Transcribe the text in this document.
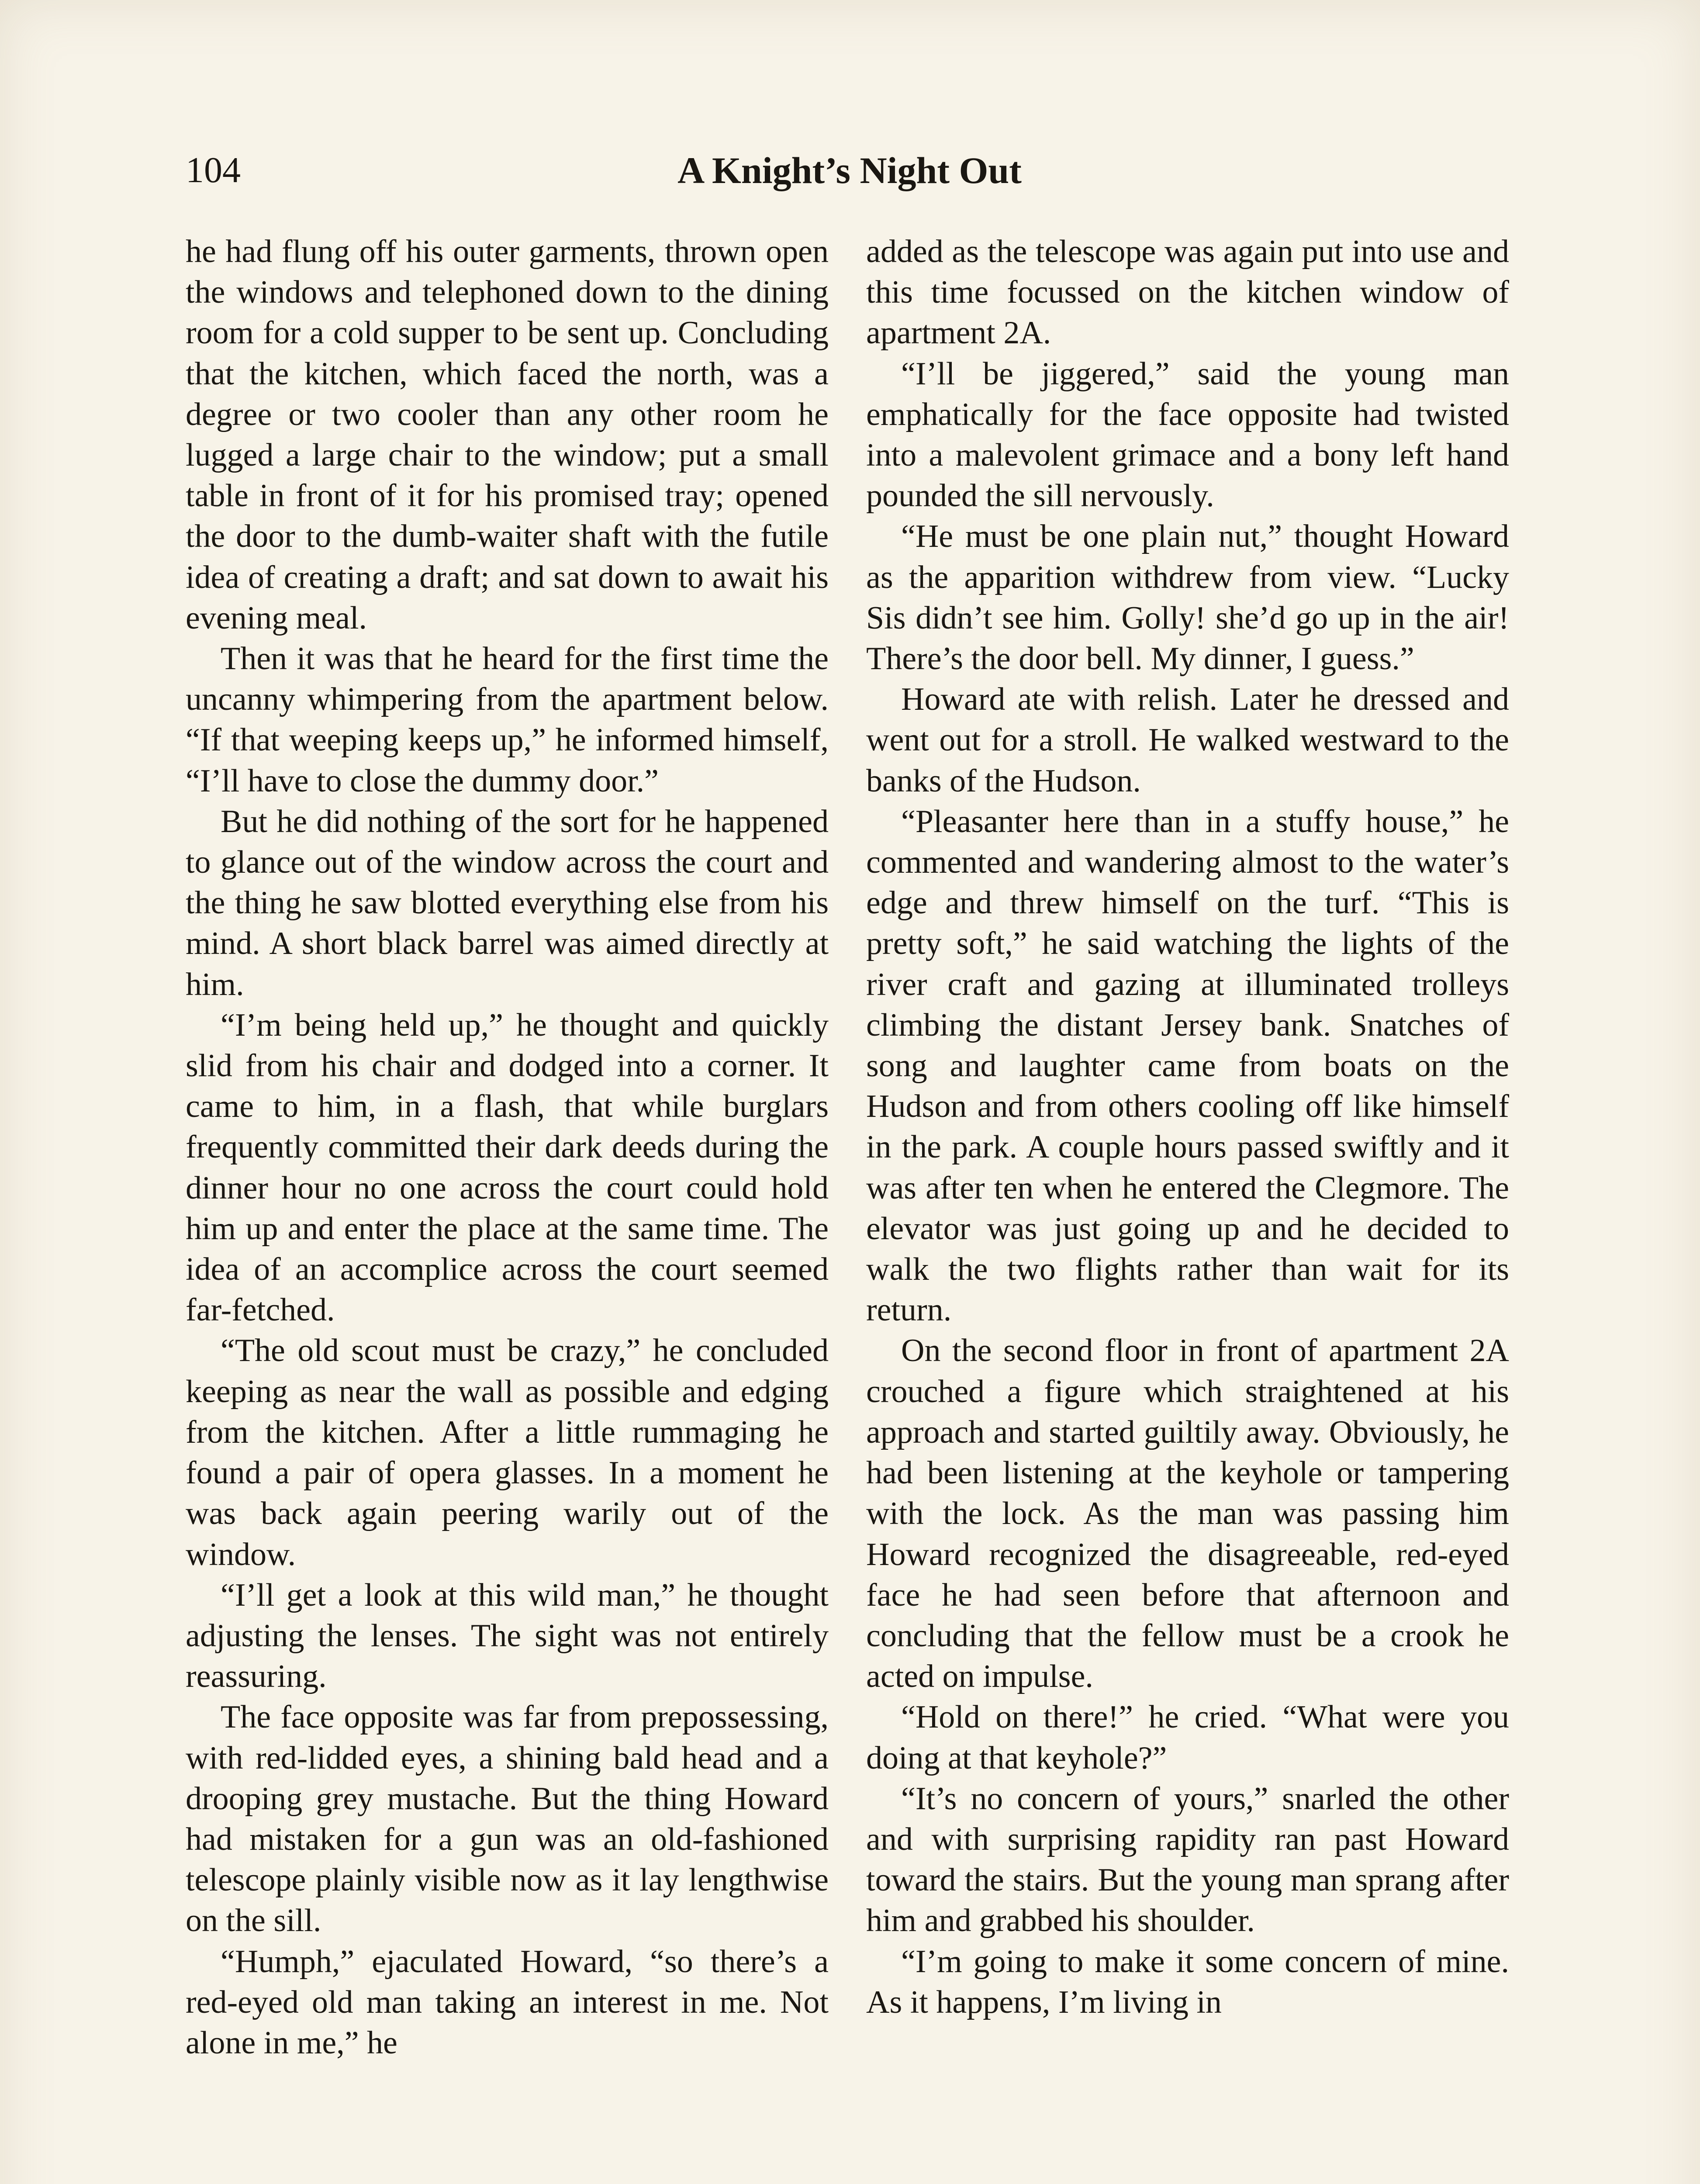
104	A Knight’s Night Out

he had flung off his outer garments, thrown open the windows and telephoned down to the dining room for a cold supper to be sent up. Concluding that the kitchen, which faced the north, was a degree or two cooler than any other room he lugged a large chair to the window; put a small table in front of it for his promised tray; opened the door to the dumb-waiter shaft with the futile idea of creating a draft; and sat down to await his evening meal.

Then it was that he heard for the first time the uncanny whimpering from the apartment below. “If that weeping keeps up,” he informed himself, “I’ll have to close the dummy door.”

But he did nothing of the sort for he happened to glance out of the window across the court and the thing he saw blotted everything else from his mind. A short black barrel was aimed directly at him.

“I’m being held up,” he thought and quickly slid from his chair and dodged into a corner. It came to him, in a flash, that while burglars frequently committed their dark deeds during the dinner hour no one across the court could hold him up and enter the place at the same time. The idea of an accomplice across the court seemed far-fetched.

“The old scout must be crazy,” he concluded keeping as near the wall as possible and edging from the kitchen. After a little rummaging he found a pair of opera glasses. In a moment he was back again peering warily out of the window.

“I’ll get a look at this wild man,” he thought adjusting the lenses. The sight was not entirely reassuring.

The face opposite was far from prepossessing, with red-lidded eyes, a shining bald head and a drooping grey mustache. But the thing Howard had mistaken for a gun was an old-fashioned telescope plainly visible now as it lay lengthwise on the sill.

“Humph,” ejaculated Howard, “so there’s a red-eyed old man taking an interest in me. Not alone in me,” he

added as the telescope was again put into use and this time focussed on the kitchen window of apartment 2A.

“I’ll be jiggered,” said the young man emphatically for the face opposite had twisted into a malevolent grimace and a bony left hand pounded the sill nervously.

“He must be one plain nut,” thought Howard as the apparition withdrew from view. “Lucky Sis didn’t see him. Golly! she’d go up in the air! There’s the door bell. My dinner, I guess.”

Howard ate with relish. Later he dressed and went out for a stroll. He walked westward to the banks of the Hudson.

“Pleasanter here than in a stuffy house,” he commented and wandering almost to the water’s edge and threw himself on the turf. “This is pretty soft,” he said watching the lights of the river craft and gazing at illuminated trolleys climbing the distant Jersey bank. Snatches of song and laughter came from boats on the Hudson and from others cooling off like himself in the park. A couple hours passed swiftly and it was after ten when he entered the Clegmore. The elevator was just going up and he decided to walk the two flights rather than wait for its return.

On the second floor in front of apartment 2A crouched a figure which straightened at his approach and started guiltily away. Obviously, he had been listening at the keyhole or tampering with the lock. As the man was passing him Howard recognized the disagreeable, red-eyed face he had seen before that afternoon and concluding that the fellow must be a crook he acted on impulse.

“Hold on there!” he cried. “What were you doing at that keyhole?”

“It’s no concern of yours,” snarled the other and with surprising rapidity ran past Howard toward the stairs. But the young man sprang after him and grabbed his shoulder.

“I’m going to make it some concern of mine. As it happens, I’m living in
